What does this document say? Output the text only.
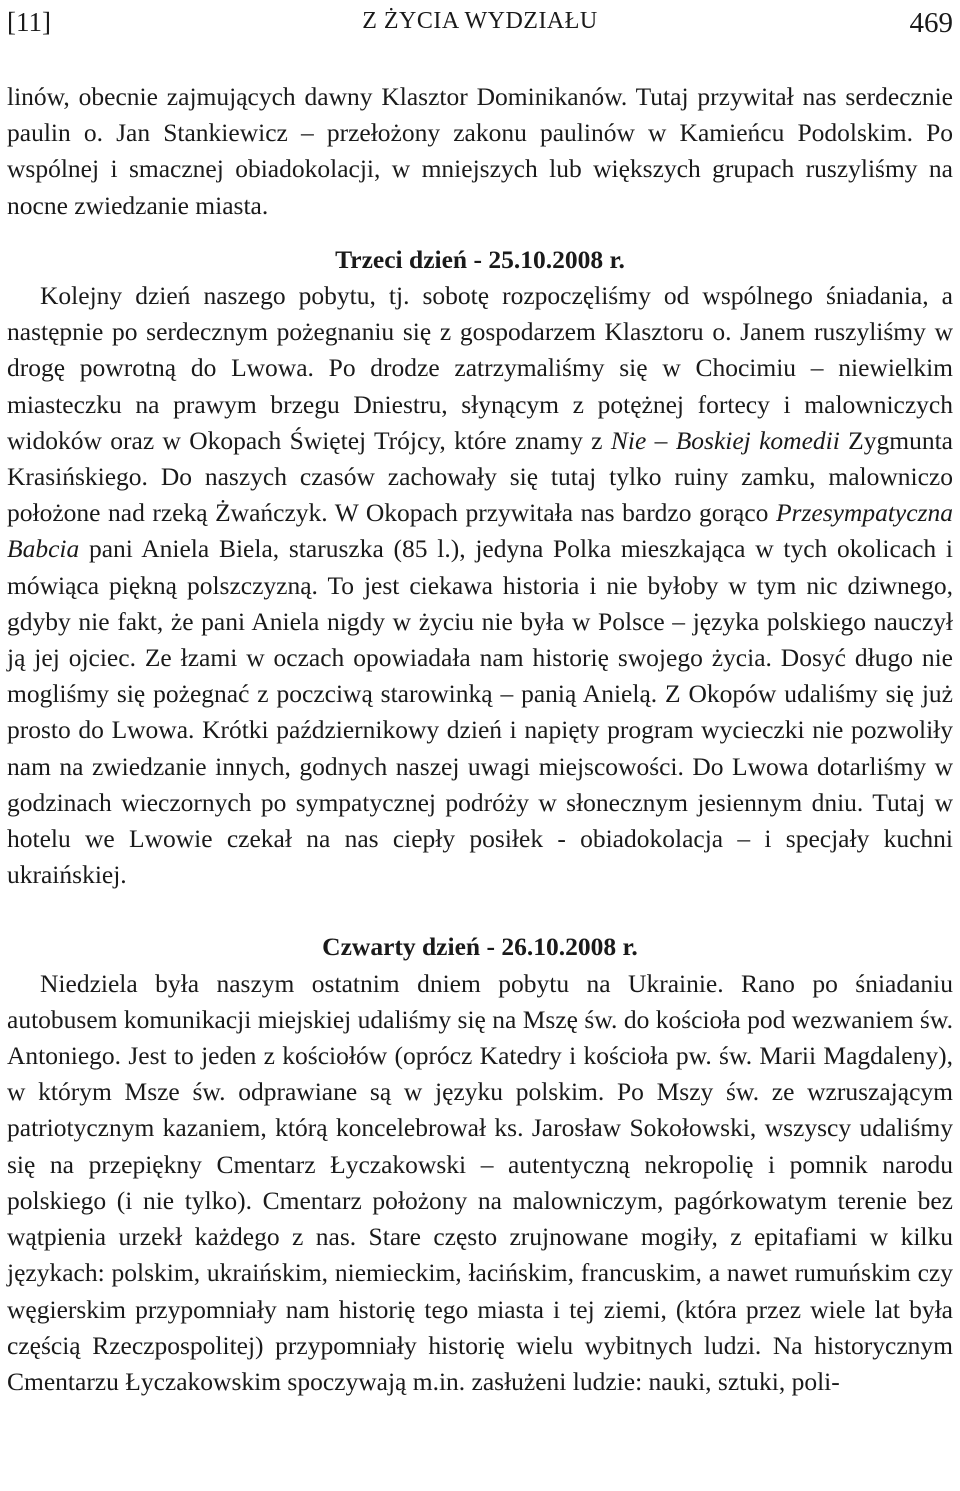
[11]	Z ŻYCIA WYDZIAŁU	469

linów, obecnie zajmujących dawny Klasztor Dominikanów. Tutaj przywitał nas serdecznie paulin o. Jan Stankiewicz – przełożony zakonu paulinów w Kamieńcu Podolskim. Po wspólnej i smacznej obiadokolacji, w mniejszych lub większych grupach ruszyliśmy na nocne zwiedzanie miasta.

Trzeci dzień - 25.10.2008 r.

Kolejny dzień naszego pobytu, tj. sobotę rozpoczęliśmy od wspólnego śniadania, a następnie po serdecznym pożegnaniu się z gospodarzem Klasztoru o. Janem ruszyliśmy w drogę powrotną do Lwowa. Po drodze zatrzymaliśmy się w Chocimiu – niewielkim miasteczku na prawym brzegu Dniestru, słynącym z potężnej fortecy i malowniczych widoków oraz w Okopach Świętej Trójcy, które znamy z Nie – Boskiej komedii Zygmunta Krasińskiego. Do naszych czasów zachowały się tutaj tylko ruiny zamku, malowniczo położone nad rzeką Żwańczyk. W Okopach przywitała nas bardzo gorąco Przesympatyczna Babcia pani Aniela Biela, staruszka (85 l.), jedyna Polka mieszkająca w tych okolicach i mówiąca piękną polszczyzną. To jest ciekawa historia i nie byłoby w tym nic dziwnego, gdyby nie fakt, że pani Aniela nigdy w życiu nie była w Polsce – języka polskiego nauczył ją jej ojciec. Ze łzami w oczach opowiadała nam historię swojego życia. Dosyć długo nie mogliśmy się pożegnać z poczciwą starowinką – panią Anielą. Z Okopów udaliśmy się już prosto do Lwowa. Krótki październikowy dzień i napięty program wycieczki nie pozwoliły nam na zwiedzanie innych, godnych naszej uwagi miejscowości. Do Lwowa dotarliśmy w godzinach wieczornych po sympatycznej podróży w słonecznym jesiennym dniu. Tutaj w hotelu we Lwowie czekał na nas ciepły posiłek - obiadokolacja – i specjały kuchni ukraińskiej.

Czwarty dzień - 26.10.2008 r.

Niedziela była naszym ostatnim dniem pobytu na Ukrainie. Rano po śniadaniu autobusem komunikacji miejskiej udaliśmy się na Mszę św. do kościoła pod wezwaniem św. Antoniego. Jest to jeden z kościołów (oprócz Katedry i kościoła pw. św. Marii Magdaleny), w którym Msze św. odprawiane są w języku polskim. Po Mszy św. ze wzruszającym patriotycznym kazaniem, którą koncelebrował ks. Jarosław Sokołowski, wszyscy udaliśmy się na przepiękny Cmentarz Łyczakowski – autentyczną nekropolię i pomnik narodu polskiego (i nie tylko). Cmentarz położony na malowniczym, pagórkowatym terenie bez wątpienia urzekł każdego z nas. Stare często zrujnowane mogiły, z epitafiami w kilku językach: polskim, ukraińskim, niemieckim, łacińskim, francuskim, a nawet rumuńskim czy węgierskim przypomniały nam historię tego miasta i tej ziemi, (która przez wiele lat była częścią Rzeczpospolitej) przypomniały historię wielu wybitnych ludzi. Na historycznym Cmentarzu Łyczakowskim spoczywają m.in. zasłużeni ludzie: nauki, sztuki, poli-
